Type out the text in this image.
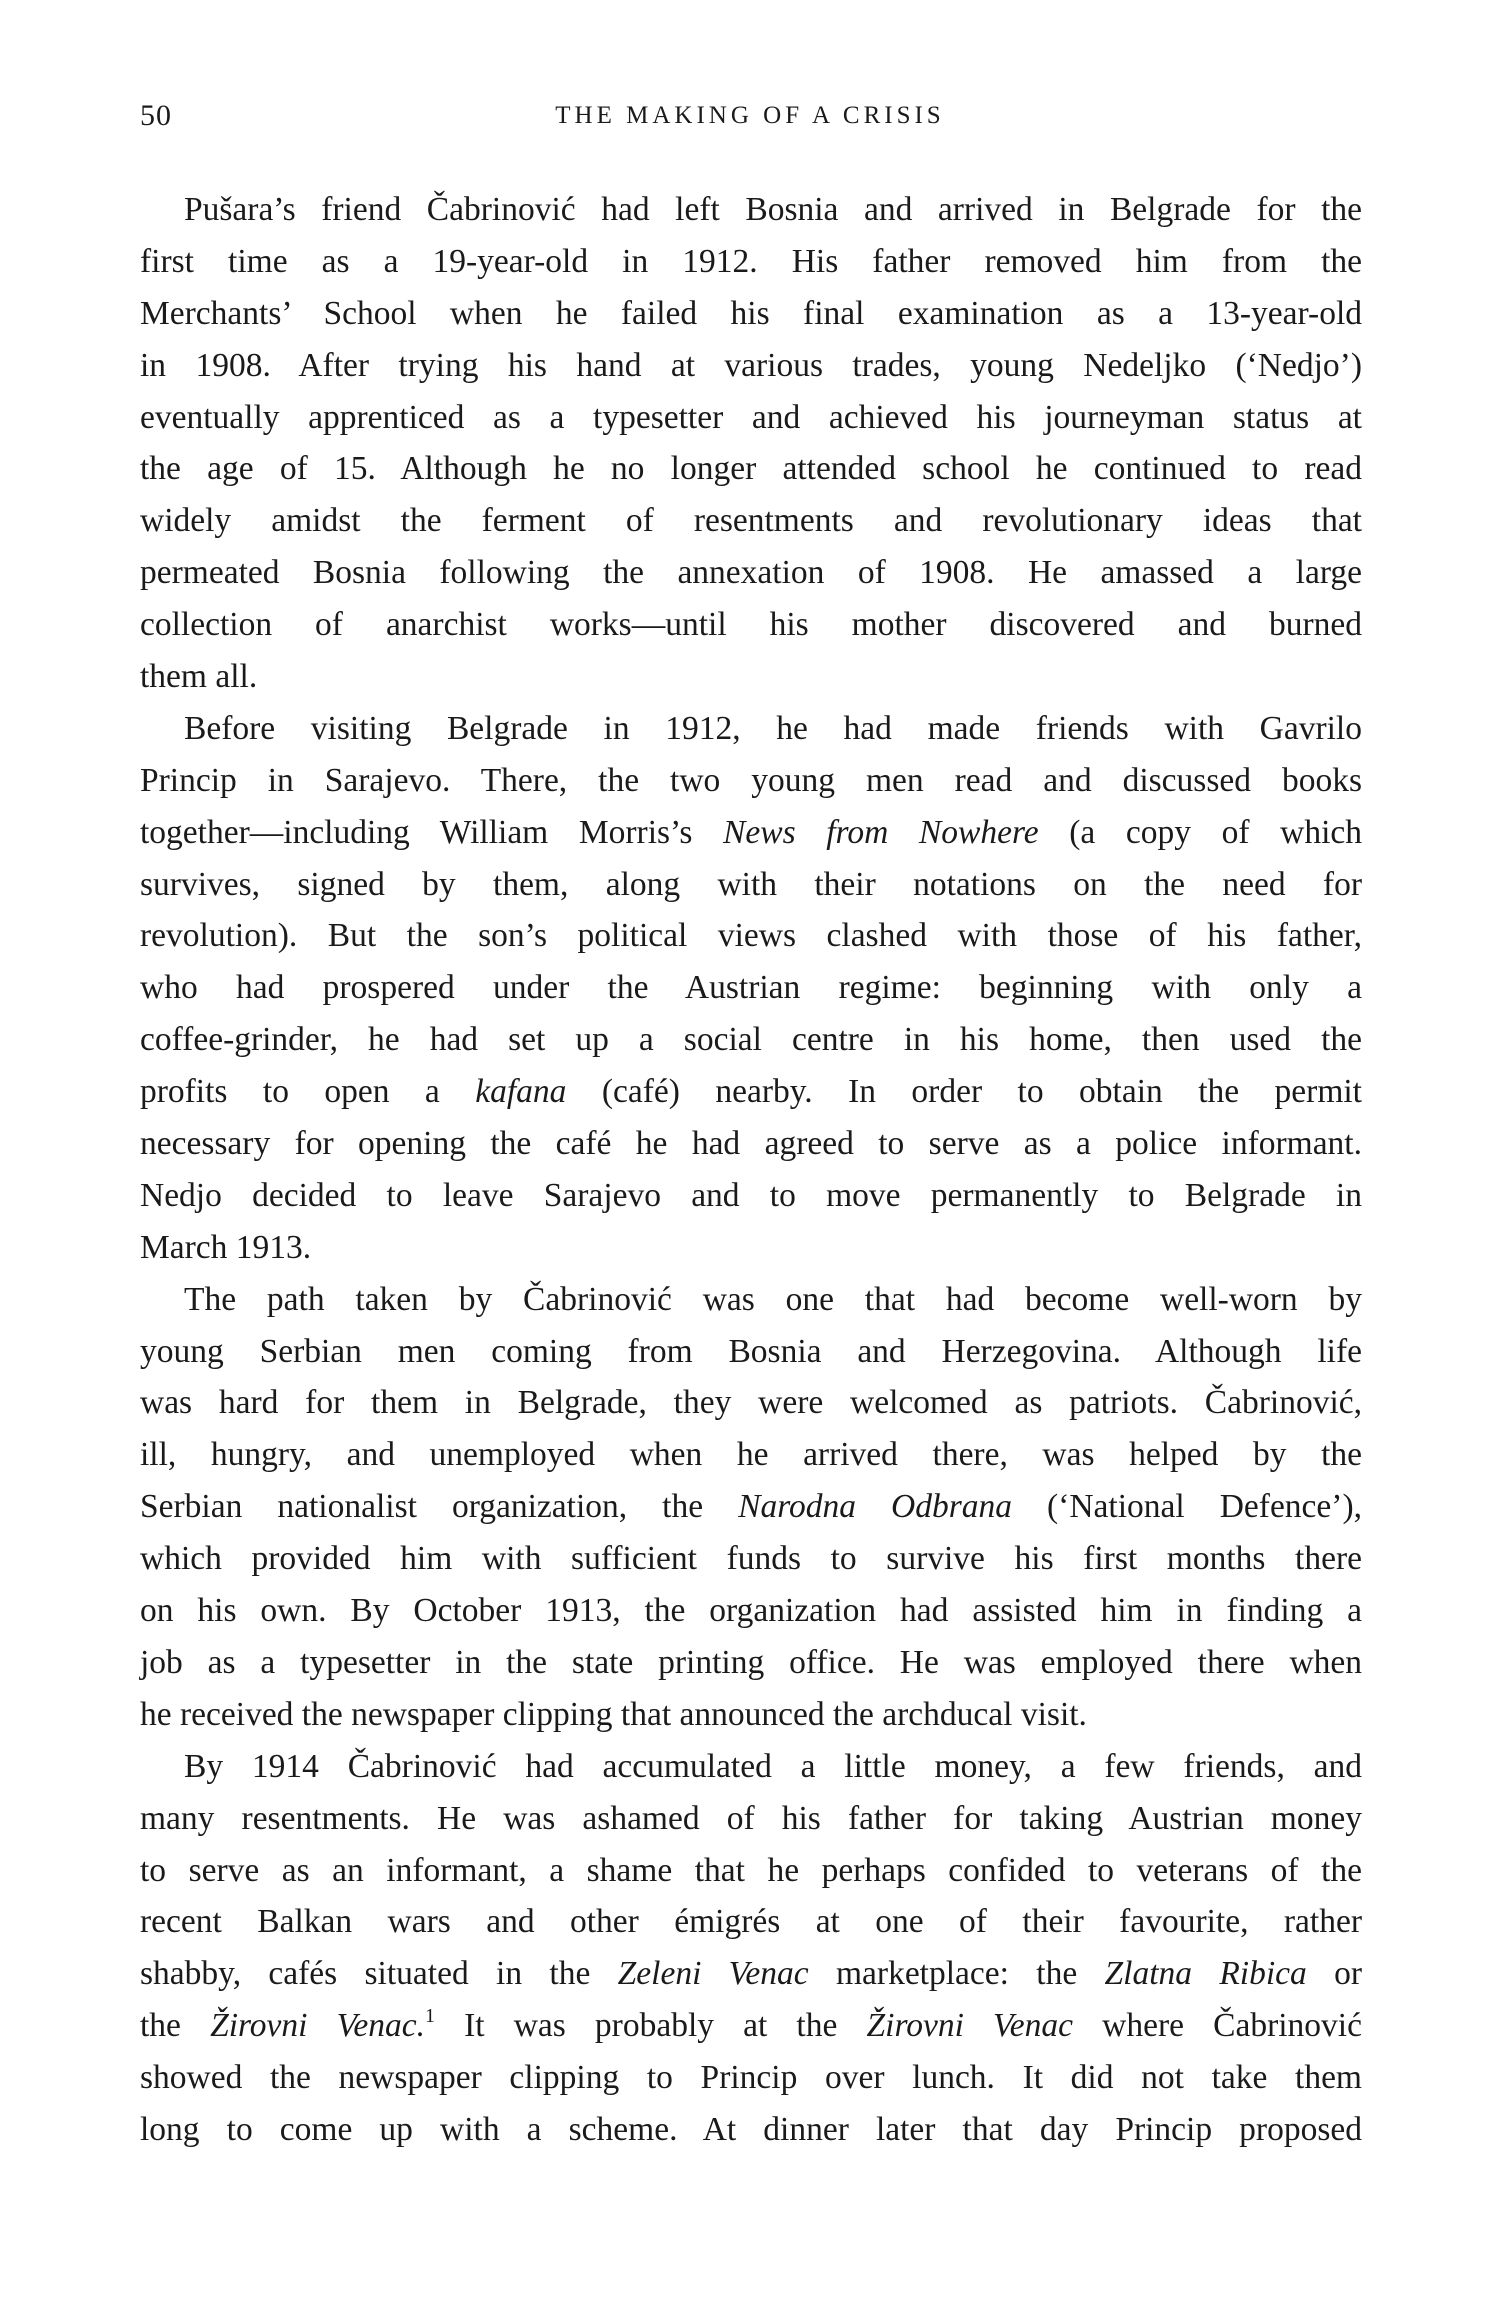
50	THE MAKING OF A CRISIS
Pušara’s friend Čabrinović had left Bosnia and arrived in Belgrade for the
first time as a 19-year-old in 1912. His father removed him from the
Merchants’ School when he failed his final examination as a 13-year-old
in 1908. After trying his hand at various trades, young Nedeljko (‘Nedjo’)
eventually apprenticed as a typesetter and achieved his journeyman status at
the age of 15. Although he no longer attended school he continued to read
widely amidst the ferment of resentments and revolutionary ideas that
permeated Bosnia following the annexation of 1908. He amassed a large
collection of anarchist works—until his mother discovered and burned
them all.
Before visiting Belgrade in 1912, he had made friends with Gavrilo
Princip in Sarajevo. There, the two young men read and discussed books
together—including William Morris’s News from Nowhere (a copy of which
survives, signed by them, along with their notations on the need for
revolution). But the son’s political views clashed with those of his father,
who had prospered under the Austrian regime: beginning with only a
coffee-grinder, he had set up a social centre in his home, then used the
profits to open a kafana (café) nearby. In order to obtain the permit
necessary for opening the café he had agreed to serve as a police informant.
Nedjo decided to leave Sarajevo and to move permanently to Belgrade in
March 1913.
The path taken by Čabrinović was one that had become well-worn by
young Serbian men coming from Bosnia and Herzegovina. Although life
was hard for them in Belgrade, they were welcomed as patriots. Čabrinović,
ill, hungry, and unemployed when he arrived there, was helped by the
Serbian nationalist organization, the Narodna Odbrana (‘National Defence’),
which provided him with sufficient funds to survive his first months there
on his own. By October 1913, the organization had assisted him in finding a
job as a typesetter in the state printing office. He was employed there when
he received the newspaper clipping that announced the archducal visit.
By 1914 Čabrinović had accumulated a little money, a few friends, and
many resentments. He was ashamed of his father for taking Austrian money
to serve as an informant, a shame that he perhaps confided to veterans of the
recent Balkan wars and other émigrés at one of their favourite, rather
shabby, cafés situated in the Zeleni Venac marketplace: the Zlatna Ribica or
the Žirovni Venac.$^1$ It was probably at the Žirovni Venac where Čabrinović
showed the newspaper clipping to Princip over lunch. It did not take them
long to come up with a scheme. At dinner later that day Princip proposed
